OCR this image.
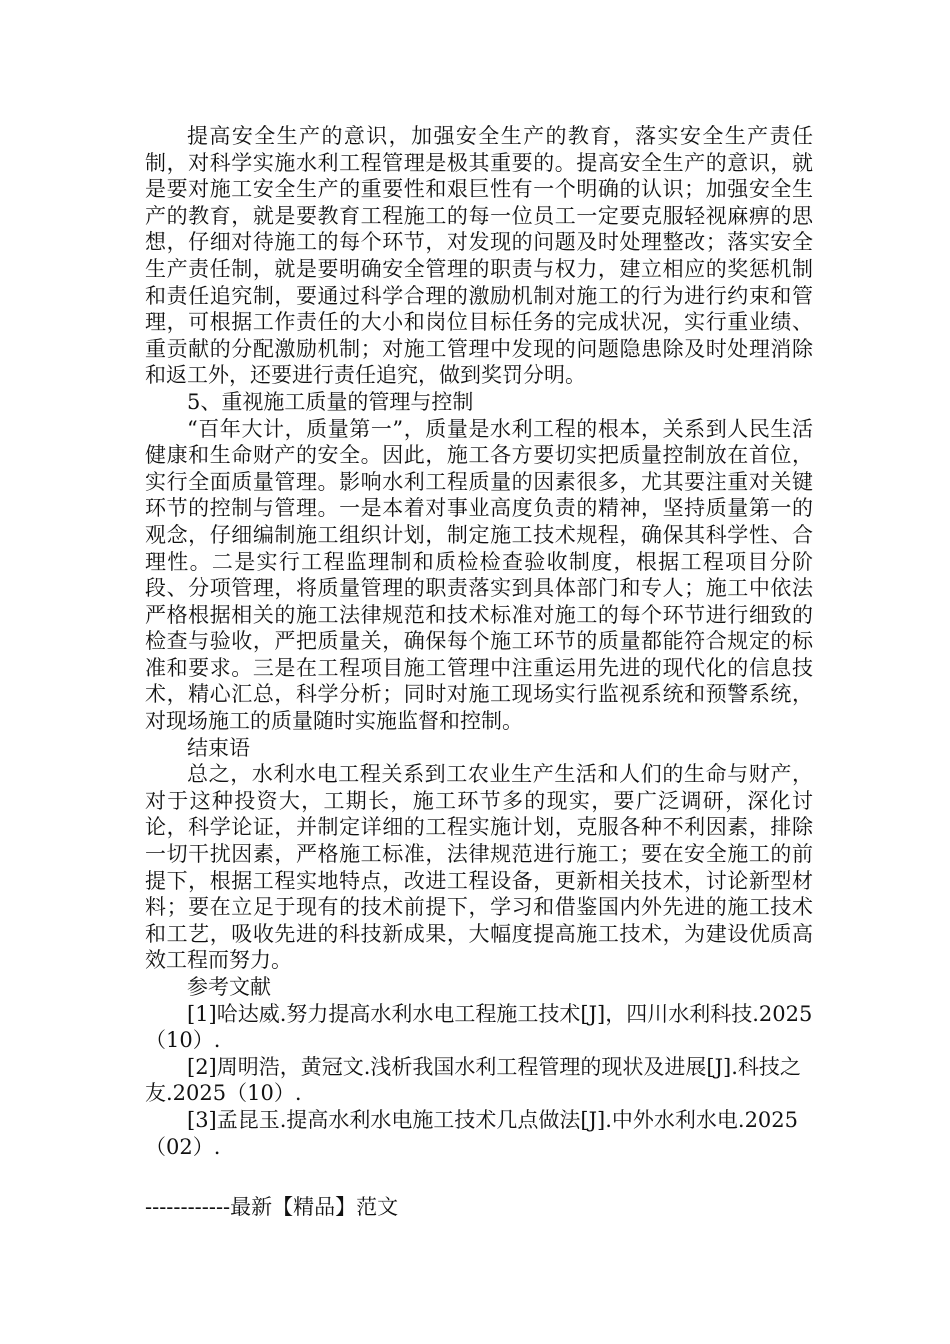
提高安全生产的意识，加强安全生产的教育，落实安全生产责任制，对科学实施水利工程管理是极其重要的。提高安全生产的意识，就是要对施工安全生产的重要性和艰巨性有一个明确的认识；加强安全生产的教育，就是要教育工程施工的每一位员工一定要克服轻视麻痹的思想，仔细对待施工的每个环节，对发现的问题及时处理整改；落实安全生产责任制，就是要明确安全管理的职责与权力，建立相应的奖惩机制和责任追究制，要通过科学合理的激励机制对施工的行为进行约束和管理，可根据工作责任的大小和岗位目标任务的完成状况，实行重业绩、重贡献的分配激励机制；对施工管理中发现的问题隐患除及时处理消除和返工外，还要进行责任追究，做到奖罚分明。

5、重视施工质量的管理与控制

“百年大计，质量第一”，质量是水利工程的根本，关系到人民生活健康和生命财产的安全。因此，施工各方要切实把质量控制放在首位，实行全面质量管理。影响水利工程质量的因素很多，尤其要注重对关键环节的控制与管理。一是本着对事业高度负责的精神，坚持质量第一的观念，仔细编制施工组织计划，制定施工技术规程，确保其科学性、合理性。二是实行工程监理制和质检检查验收制度，根据工程项目分阶段、分项管理，将质量管理的职责落实到具体部门和专人；施工中依法严格根据相关的施工法律规范和技术标准对施工的每个环节进行细致的检查与验收，严把质量关，确保每个施工环节的质量都能符合规定的标准和要求。三是在工程项目施工管理中注重运用先进的现代化的信息技术，精心汇总，科学分析；同时对施工现场实行监视系统和预警系统，对现场施工的质量随时实施监督和控制。

结束语

总之，水利水电工程关系到工农业生产生活和人们的生命与财产，对于这种投资大，工期长，施工环节多的现实，要广泛调研，深化讨论，科学论证，并制定详细的工程实施计划，克服各种不利因素，排除一切干扰因素，严格施工标准，法律规范进行施工；要在安全施工的前提下，根据工程实地特点，改进工程设备，更新相关技术，讨论新型材料；要在立足于现有的技术前提下，学习和借鉴国内外先进的施工技术和工艺，吸收先进的科技新成果，大幅度提高施工技术，为建设优质高效工程而努力。

参考文献

[1]哈达威.努力提高水利水电工程施工技术[J]，四川水利科技.2025（10）.

[2]周明浩，黄冠文.浅析我国水利工程管理的现状及进展[J].科技之友.2025（10）.

[3]孟昆玉.提高水利水电施工技术几点做法[J].中外水利水电.2025（02）.

------------最新【精品】范文
